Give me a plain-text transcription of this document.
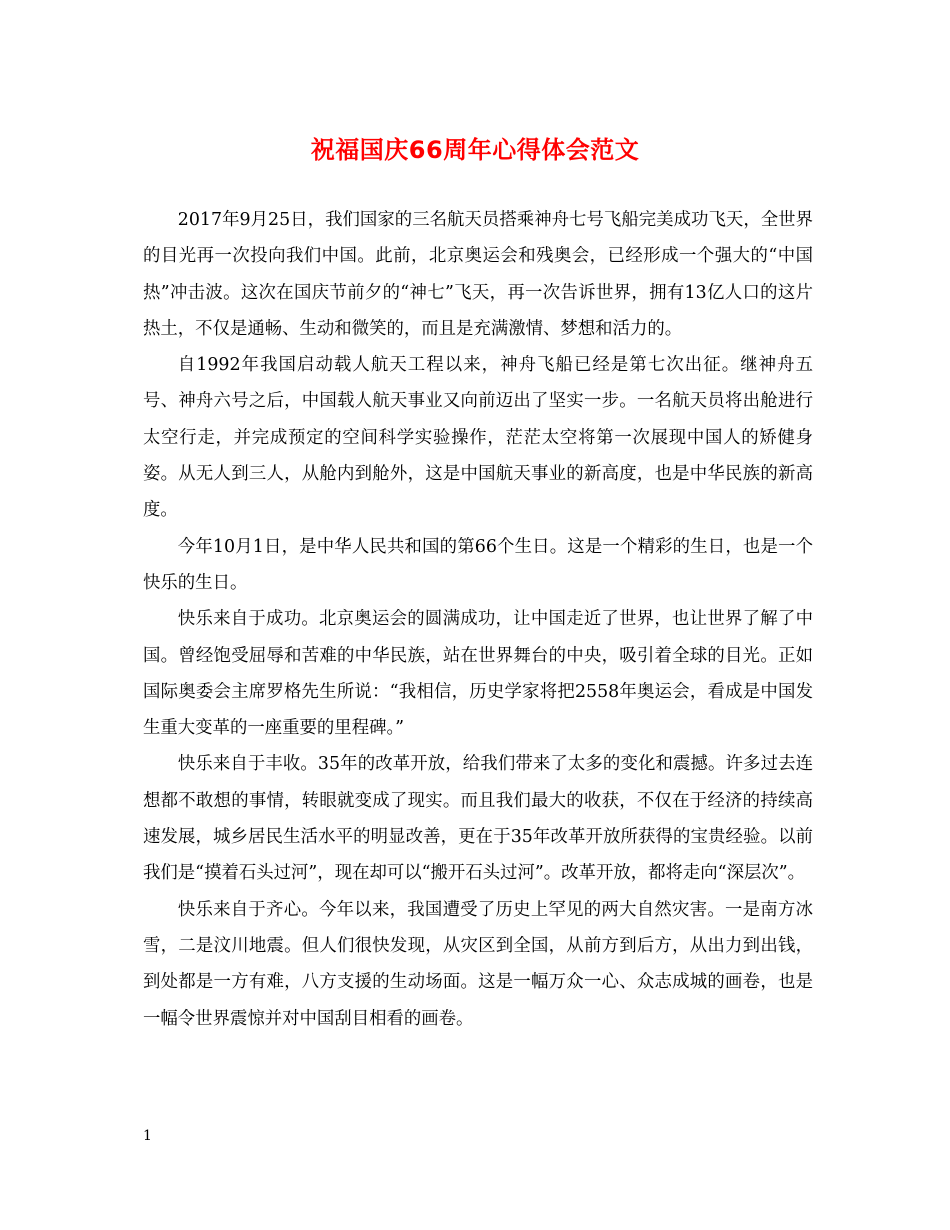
祝福国庆66周年心得体会范文

2017年9月25日，我们国家的三名航天员搭乘神舟七号飞船完美成功飞天，全世界的目光再一次投向我们中国。此前，北京奥运会和残奥会，已经形成一个强大的“中国热”冲击波。这次在国庆节前夕的“神七”飞天，再一次告诉世界，拥有13亿人口的这片热土，不仅是通畅、生动和微笑的，而且是充满激情、梦想和活力的。

自1992年我国启动载人航天工程以来，神舟飞船已经是第七次出征。继神舟五号、神舟六号之后，中国载人航天事业又向前迈出了坚实一步。一名航天员将出舱进行太空行走，并完成预定的空间科学实验操作，茫茫太空将第一次展现中国人的矫健身姿。从无人到三人，从舱内到舱外，这是中国航天事业的新高度，也是中华民族的新高度。

今年10月1日，是中华人民共和国的第66个生日。这是一个精彩的生日，也是一个快乐的生日。

快乐来自于成功。北京奥运会的圆满成功，让中国走近了世界，也让世界了解了中国。曾经饱受屈辱和苦难的中华民族，站在世界舞台的中央，吸引着全球的目光。正如国际奥委会主席罗格先生所说：“我相信，历史学家将把2558年奥运会，看成是中国发生重大变革的一座重要的里程碑。”

快乐来自于丰收。35年的改革开放，给我们带来了太多的变化和震撼。许多过去连想都不敢想的事情，转眼就变成了现实。而且我们最大的收获，不仅在于经济的持续高速发展，城乡居民生活水平的明显改善，更在于35年改革开放所获得的宝贵经验。以前我们是“摸着石头过河”，现在却可以“搬开石头过河”。改革开放，都将走向“深层次”。

快乐来自于齐心。今年以来，我国遭受了历史上罕见的两大自然灾害。一是南方冰雪，二是汶川地震。但人们很快发现，从灾区到全国，从前方到后方，从出力到出钱，到处都是一方有难，八方支援的生动场面。这是一幅万众一心、众志成城的画卷，也是一幅令世界震惊并对中国刮目相看的画卷。

1
